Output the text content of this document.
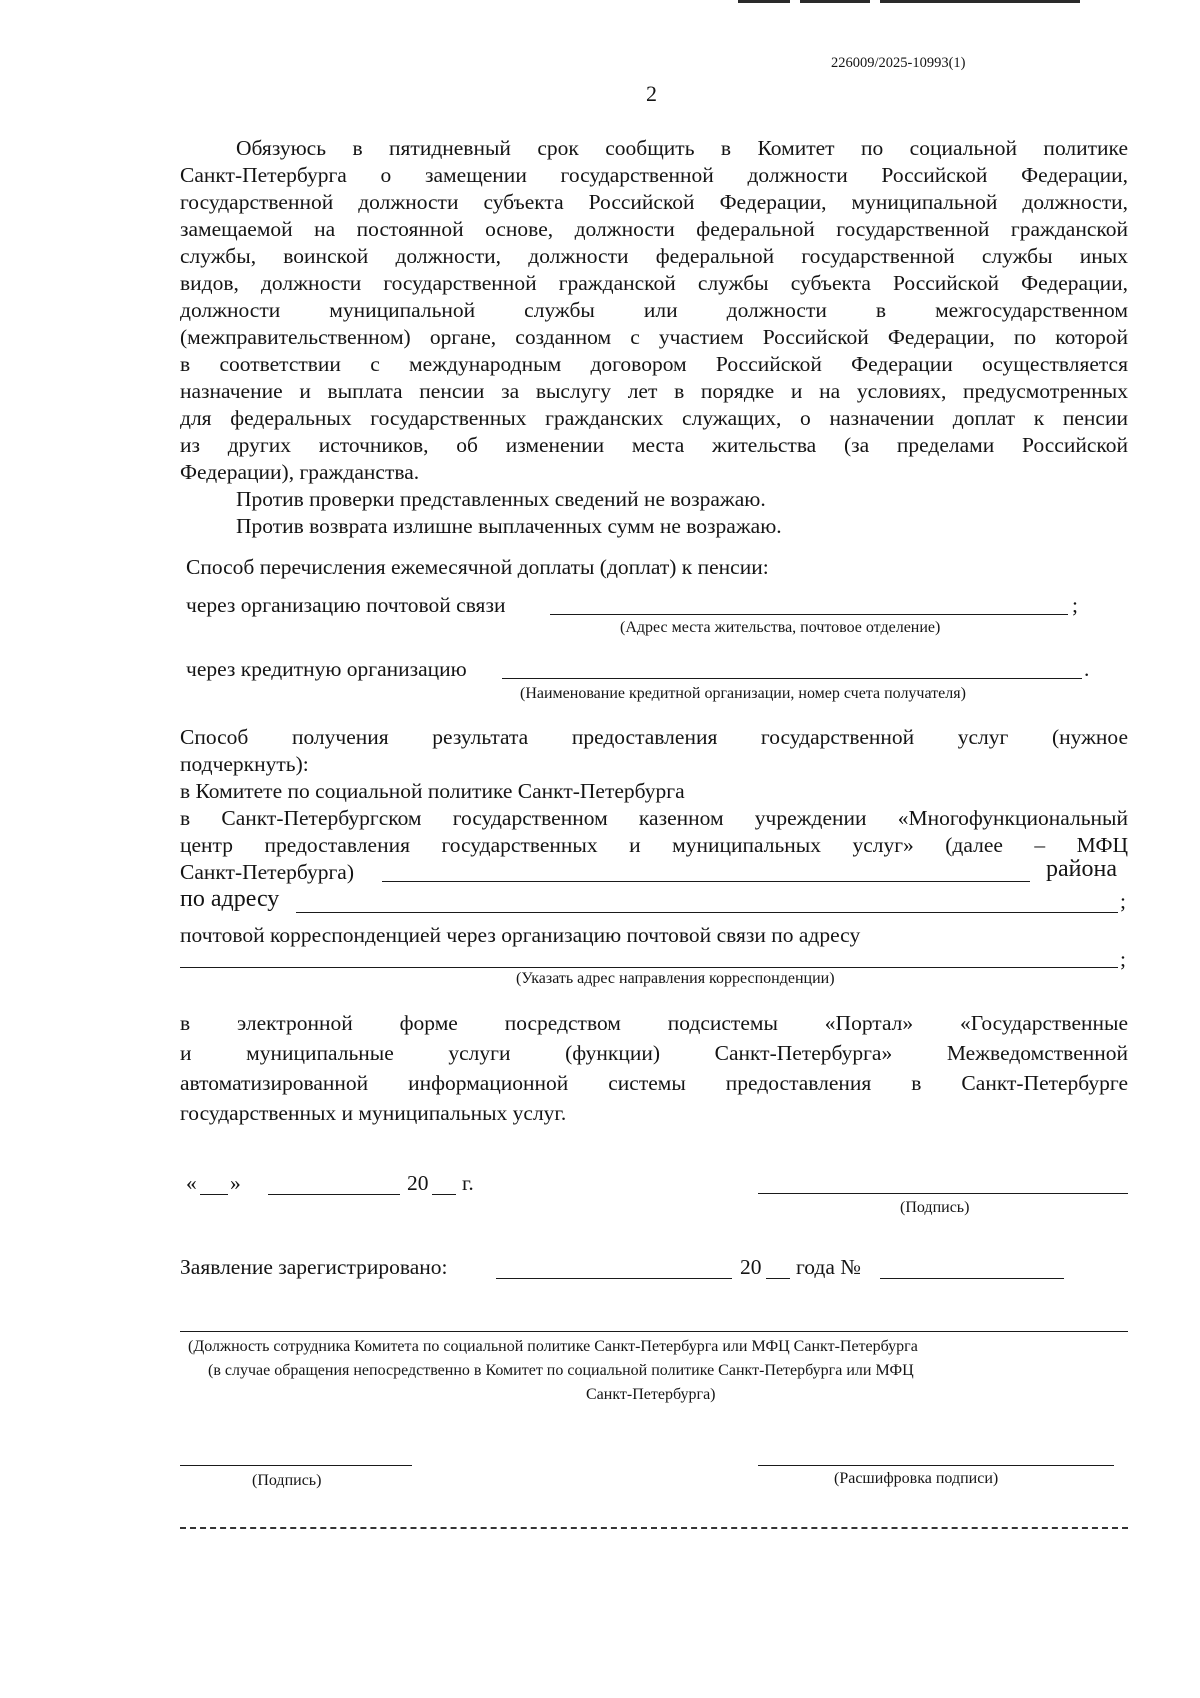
226009/2025-10993(1)
2
Обязуюсь в пятидневный срок сообщить в Комитет по социальной политике
Санкт-Петербурга о замещении государственной должности Российской Федерации,
государственной должности субъекта Российской Федерации, муниципальной должности,
замещаемой на постоянной основе, должности федеральной государственной гражданской
службы, воинской должности, должности федеральной государственной службы иных
видов, должности государственной гражданской службы субъекта Российской Федерации,
должности муниципальной службы или должности в межгосударственном
(межправительственном) органе, созданном с участием Российской Федерации, по которой
в соответствии с международным договором Российской Федерации осуществляется
назначение и выплата пенсии за выслугу лет в порядке и на условиях, предусмотренных
для федеральных государственных гражданских служащих, о назначении доплат к пенсии
из других источников, об изменении места жительства (за пределами Российской
Федерации), гражданства.
Против проверки представленных сведений не возражаю.
Против возврата излишне выплаченных сумм не возражаю.
Способ перечисления ежемесячной доплаты (доплат) к пенсии:
через организацию почтовой связи	;
(Адрес места жительства, почтовое отделение)
через кредитную организацию	.
(Наименование кредитной организации, номер счета получателя)
Способ получения результата предоставления государственной услуг (нужное
подчеркнуть):
в Комитете по социальной политике Санкт-Петербурга
в Санкт-Петербургском государственном казенном учреждении «Многофункциональный
центр предоставления государственных и муниципальных услуг» (далее – МФЦ
Санкт-Петербурга)	района
по адресу	;
почтовой корреспонденцией через организацию почтовой связи по адресу
;
(Указать адрес направления корреспонденции)
в электронной форме посредством подсистемы «Портал» «Государственные
и муниципальные услуги (функции) Санкт-Петербурга» Межведомственной
автоматизированной информационной системы предоставления в Санкт-Петербурге
государственных и муниципальных услуг.
« »	20 г.
(Подпись)
Заявление зарегистрировано:	20 года №
(Должность сотрудника Комитета по социальной политике Санкт-Петербурга или МФЦ Санкт-Петербурга
(в случае обращения непосредственно в Комитет по социальной политике Санкт-Петербурга или МФЦ
Санкт-Петербурга)
(Подпись)	(Расшифровка подписи)
